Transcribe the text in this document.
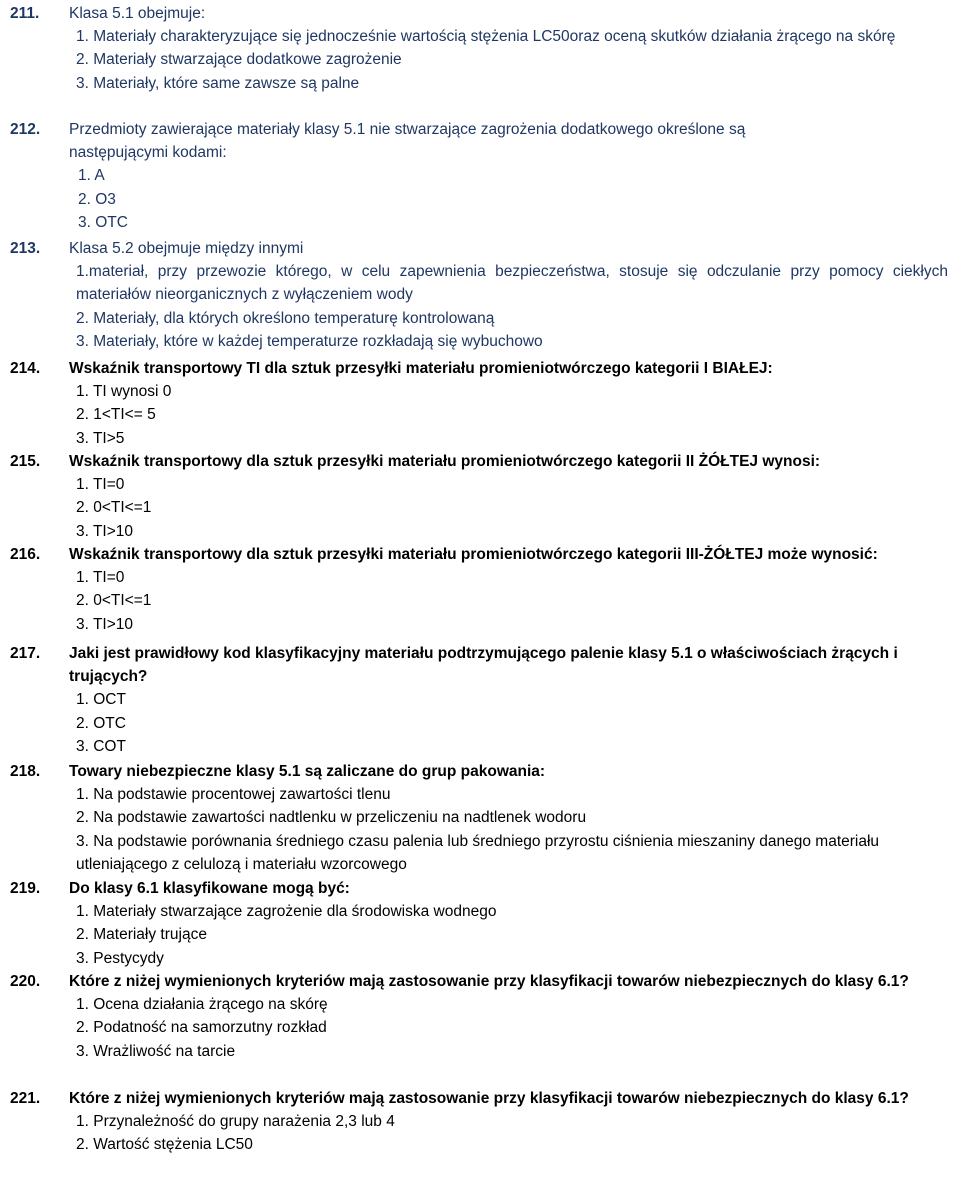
211.	Klasa 5.1 obejmuje:
1. Materiały charakteryzujące się jednocześnie wartością stężenia LC50oraz oceną skutków działania żrącego na skórę
2. Materiały stwarzające dodatkowe zagrożenie
3. Materiały, które same zawsze są palne
212.	Przedmioty zawierające materiały klasy 5.1 nie stwarzające zagrożenia dodatkowego określone są następującymi kodami:
1. A
2. O3
3. OTC
213.	Klasa 5.2 obejmuje między innymi
1.materiał, przy przewozie którego, w celu zapewnienia bezpieczeństwa, stosuje się odczulanie przy pomocy ciekłych materiałów nieorganicznych z wyłączeniem wody
2. Materiały, dla których określono temperaturę kontrolowaną
3. Materiały, które w każdej temperaturze rozkładają się wybuchowo
214.	Wskaźnik transportowy TI dla sztuk przesyłki materiału promieniotwórczego kategorii I BIAŁEJ:
1. TI wynosi 0
2. 1<TI<= 5
3. TI>5
215.	Wskaźnik transportowy dla sztuk przesyłki materiału promieniotwórczego kategorii II ŻÓŁTEJ wynosi:
1. TI=0
2. 0<TI<=1
3. TI>10
216.	Wskaźnik transportowy dla sztuk przesyłki materiału promieniotwórczego kategorii III-ŻÓŁTEJ może wynosić:
1. TI=0
2. 0<TI<=1
3. TI>10
217.	Jaki jest prawidłowy kod klasyfikacyjny materiału podtrzymującego palenie klasy 5.1 o właściwościach żrących i trujących?
1. OCT
2. OTC
3. COT
218.	Towary niebezpieczne klasy 5.1 są zaliczane do grup pakowania:
1. Na podstawie procentowej zawartości tlenu
2. Na podstawie zawartości nadtlenku w przeliczeniu na nadtlenek wodoru
3. Na podstawie porównania średniego czasu palenia lub średniego przyrostu ciśnienia mieszaniny danego materiału utleniającego z celulozą i materiału wzorcowego
219.	Do klasy 6.1 klasyfikowane mogą być:
1. Materiały stwarzające zagrożenie dla środowiska wodnego
2. Materiały trujące
3. Pestycydy
220.	Które z niżej wymienionych kryteriów mają zastosowanie przy klasyfikacji towarów niebezpiecznych do klasy 6.1?
1. Ocena działania żrącego na skórę
2. Podatność na samorzutny rozkład
3. Wrażliwość na tarcie
221.	Które z niżej wymienionych kryteriów mają zastosowanie przy klasyfikacji towarów niebezpiecznych do klasy 6.1?
1. Przynależność do grupy narażenia 2,3 lub 4
2. Wartość stężenia LC50
